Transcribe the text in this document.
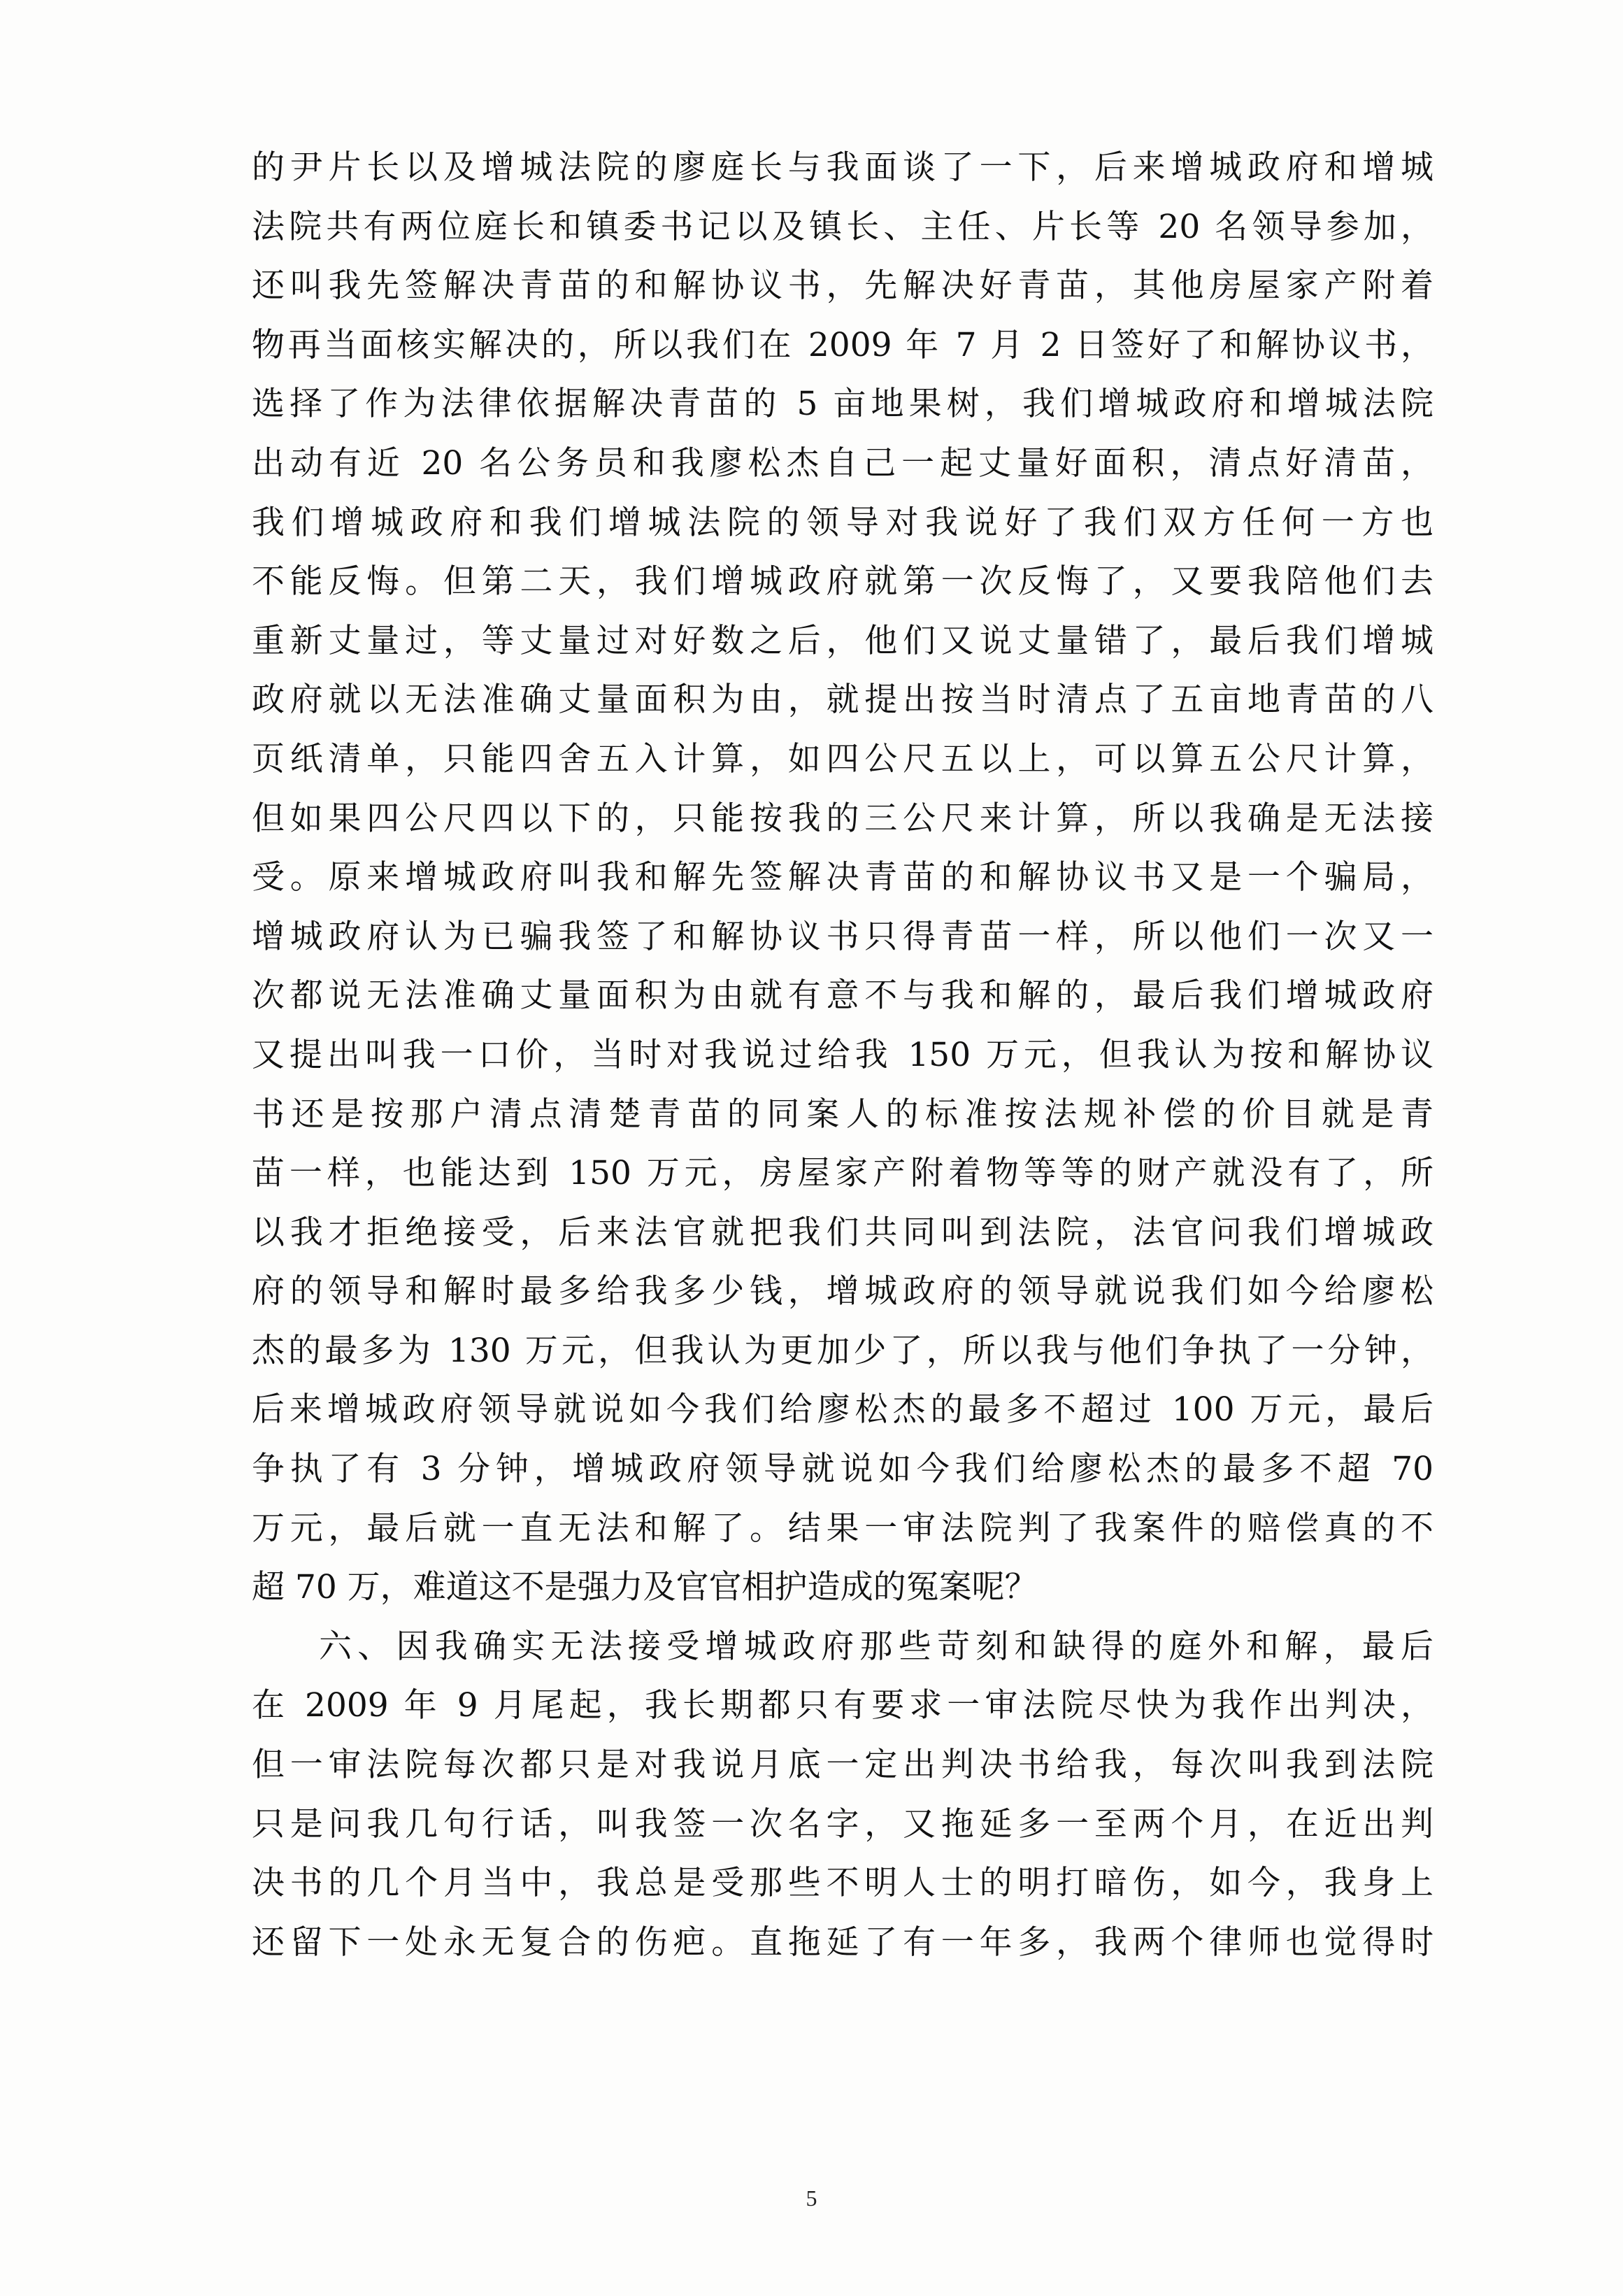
的尹片长以及增城法院的廖庭长与我面谈了一下，后来增城政府和增城
法院共有两位庭长和镇委书记以及镇长、主任、片长等 20 名领导参加，
还叫我先签解决青苗的和解协议书，先解决好青苗，其他房屋家产附着
物再当面核实解决的，所以我们在 2009 年 7 月 2 日签好了和解协议书，
选择了作为法律依据解决青苗的 5 亩地果树，我们增城政府和增城法院
出动有近 20 名公务员和我廖松杰自己一起丈量好面积，清点好清苗，
我们增城政府和我们增城法院的领导对我说好了我们双方任何一方也
不能反悔。但第二天，我们增城政府就第一次反悔了，又要我陪他们去
重新丈量过，等丈量过对好数之后，他们又说丈量错了，最后我们增城
政府就以无法准确丈量面积为由，就提出按当时清点了五亩地青苗的八
页纸清单，只能四舍五入计算，如四公尺五以上，可以算五公尺计算，
但如果四公尺四以下的，只能按我的三公尺来计算，所以我确是无法接
受。原来增城政府叫我和解先签解决青苗的和解协议书又是一个骗局，
增城政府认为已骗我签了和解协议书只得青苗一样，所以他们一次又一
次都说无法准确丈量面积为由就有意不与我和解的，最后我们增城政府
又提出叫我一口价，当时对我说过给我 150 万元，但我认为按和解协议
书还是按那户清点清楚青苗的同案人的标准按法规补偿的价目就是青
苗一样，也能达到 150 万元，房屋家产附着物等等的财产就没有了，所
以我才拒绝接受，后来法官就把我们共同叫到法院，法官问我们增城政
府的领导和解时最多给我多少钱，增城政府的领导就说我们如今给廖松
杰的最多为 130 万元，但我认为更加少了，所以我与他们争执了一分钟，
后来增城政府领导就说如今我们给廖松杰的最多不超过 100 万元，最后
争执了有 3 分钟，增城政府领导就说如今我们给廖松杰的最多不超 70
万元，最后就一直无法和解了。结果一审法院判了我案件的赔偿真的不
超 70 万，难道这不是强力及官官相护造成的冤案呢？
六、因我确实无法接受增城政府那些苛刻和缺得的庭外和解，最后
在 2009 年 9 月尾起，我长期都只有要求一审法院尽快为我作出判决，
但一审法院每次都只是对我说月底一定出判决书给我，每次叫我到法院
只是问我几句行话，叫我签一次名字，又拖延多一至两个月，在近出判
决书的几个月当中，我总是受那些不明人士的明打暗伤，如今，我身上
还留下一处永无复合的伤疤。直拖延了有一年多，我两个律师也觉得时
5
